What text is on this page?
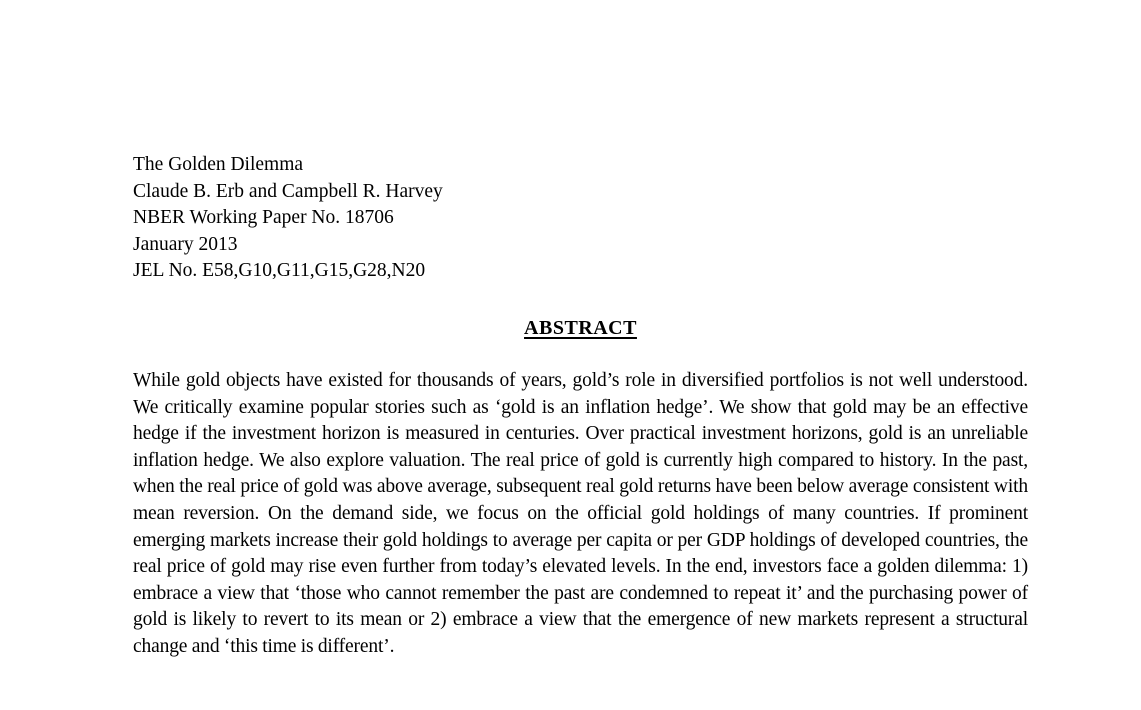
The Golden Dilemma
Claude B. Erb and Campbell R. Harvey
NBER Working Paper No. 18706
January 2013
JEL No. E58,G10,G11,G15,G28,N20
ABSTRACT

While gold objects have existed for thousands of years, gold’s role in diversified portfolios is not well understood. We critically examine popular stories such as ‘gold is an inflation hedge’. We show that gold may be an effective hedge if the investment horizon is measured in centuries. Over practical investment horizons, gold is an unreliable inflation hedge. We also explore valuation. The real price of gold is currently high compared to history. In the past, when the real price of gold was above average, subsequent real gold returns have been below average consistent with mean reversion. On the demand side, we focus on the official gold holdings of many countries. If prominent emerging markets increase their gold holdings to average per capita or per GDP holdings of developed countries, the real price of gold may rise even further from today’s elevated levels. In the end, investors face a golden dilemma: 1) embrace a view that ‘those who cannot remember the past are condemned to repeat it’ and the purchasing power of gold is likely to revert to its mean or 2) embrace a view that the emergence of new markets represent a structural change and ‘this time is different’.
